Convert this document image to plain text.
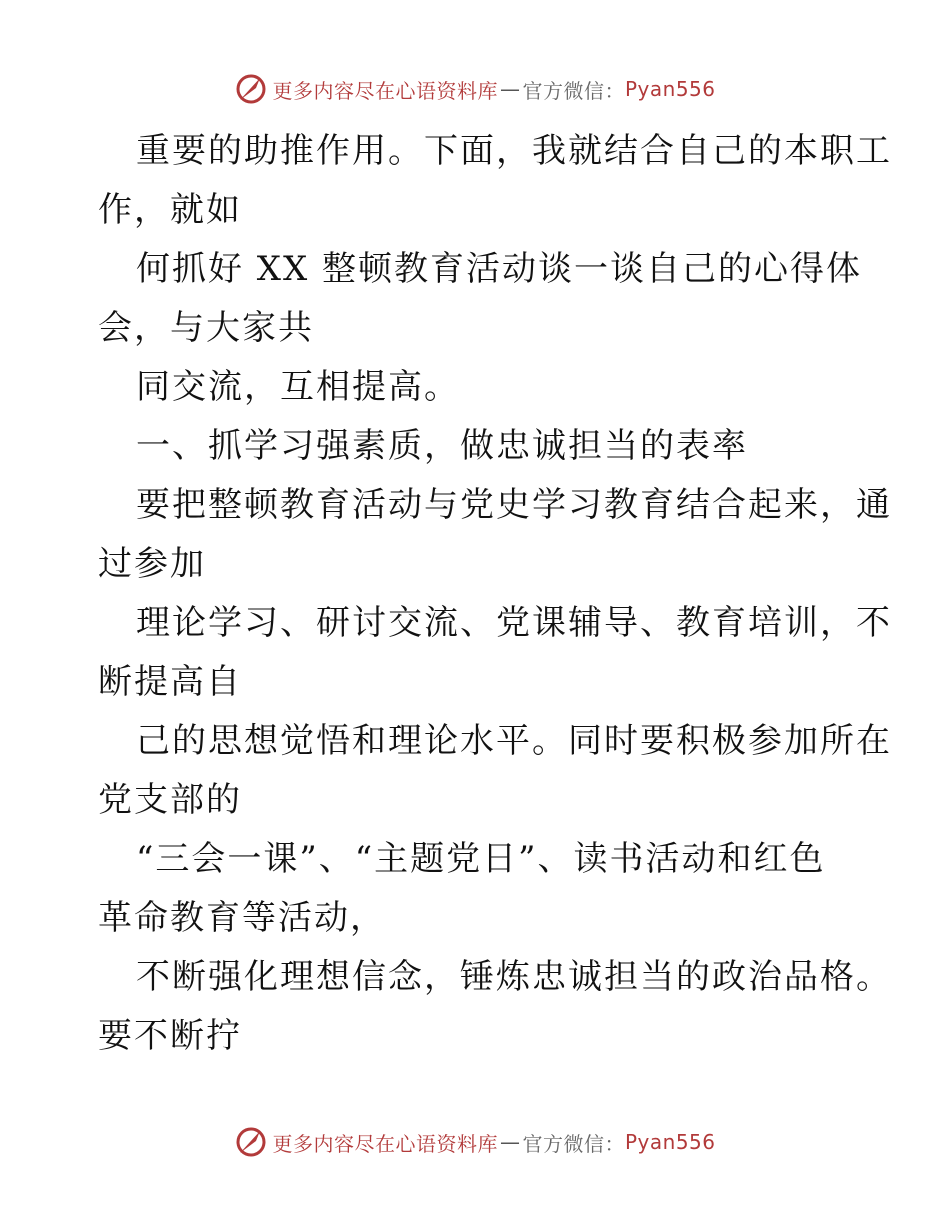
更多内容尽在心语资料库 — 官方微信： Pyan556
重要的助推作用。下面，我就结合自己的本职工
作，就如
何抓好 XX 整顿教育活动谈一谈自己的心得体
会，与大家共
同交流，互相提高。
一、抓学习强素质，做忠诚担当的表率
要把整顿教育活动与党史学习教育结合起来，通
过参加
理论学习、研讨交流、党课辅导、教育培训，不
断提高自
己的思想觉悟和理论水平。同时要积极参加所在
党支部的
“三会一课”、“主题党日”、读书活动和红色
革命教育等活动，
不断强化理想信念，锤炼忠诚担当的政治品格。
要不断拧
更多内容尽在心语资料库 — 官方微信： Pyan556
